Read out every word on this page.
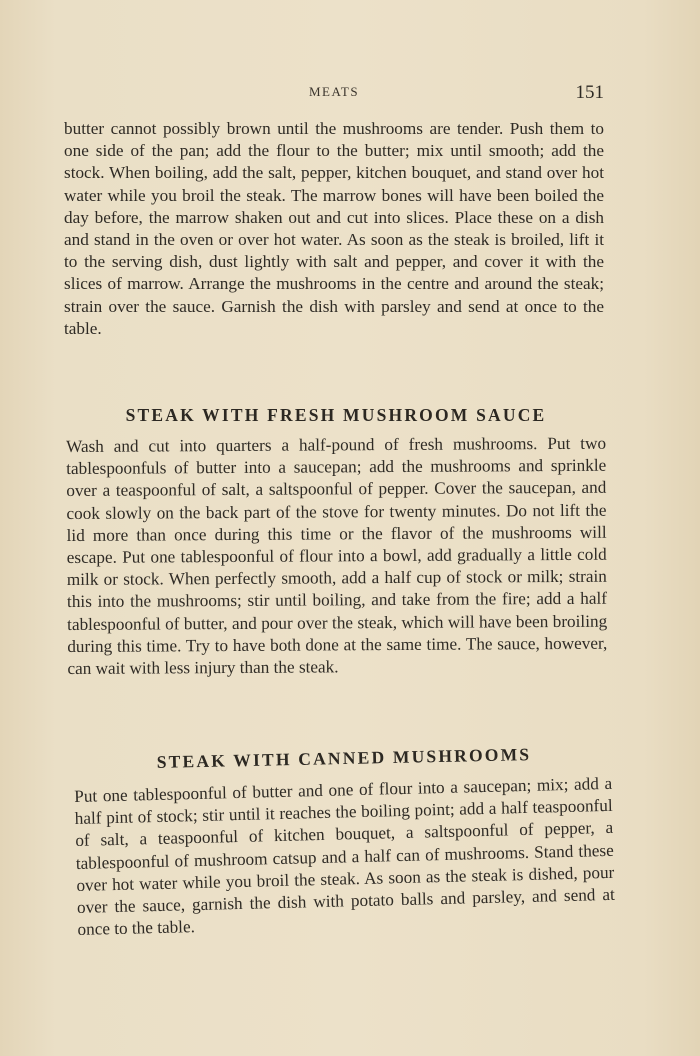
MEATS	151
butter cannot possibly brown until the mushrooms are tender. Push them to one side of the pan; add the flour to the butter; mix until smooth; add the stock. When boiling, add the salt, pepper, kitchen bouquet, and stand over hot water while you broil the steak. The marrow bones will have been boiled the day before, the marrow shaken out and cut into slices. Place these on a dish and stand in the oven or over hot water. As soon as the steak is broiled, lift it to the serving dish, dust lightly with salt and pepper, and cover it with the slices of marrow. Arrange the mushrooms in the centre and around the steak; strain over the sauce. Garnish the dish with parsley and send at once to the table.
STEAK WITH FRESH MUSHROOM SAUCE
Wash and cut into quarters a half-pound of fresh mushrooms. Put two tablespoonfuls of butter into a saucepan; add the mushrooms and sprinkle over a teaspoonful of salt, a saltspoonful of pepper. Cover the saucepan, and cook slowly on the back part of the stove for twenty minutes. Do not lift the lid more than once during this time or the flavor of the mushrooms will escape. Put one tablespoonful of flour into a bowl, add gradually a little cold milk or stock. When perfectly smooth, add a half cup of stock or milk; strain this into the mushrooms; stir until boiling, and take from the fire; add a half tablespoonful of butter, and pour over the steak, which will have been broiling during this time. Try to have both done at the same time. The sauce, however, can wait with less injury than the steak.
STEAK WITH CANNED MUSHROOMS
Put one tablespoonful of butter and one of flour into a saucepan; mix; add a half pint of stock; stir until it reaches the boiling point; add a half teaspoonful of salt, a teaspoonful of kitchen bouquet, a saltspoonful of pepper, a tablespoonful of mushroom catsup and a half can of mushrooms. Stand these over hot water while you broil the steak. As soon as the steak is dished, pour over the sauce, garnish the dish with potato balls and parsley, and send at once to the table.
